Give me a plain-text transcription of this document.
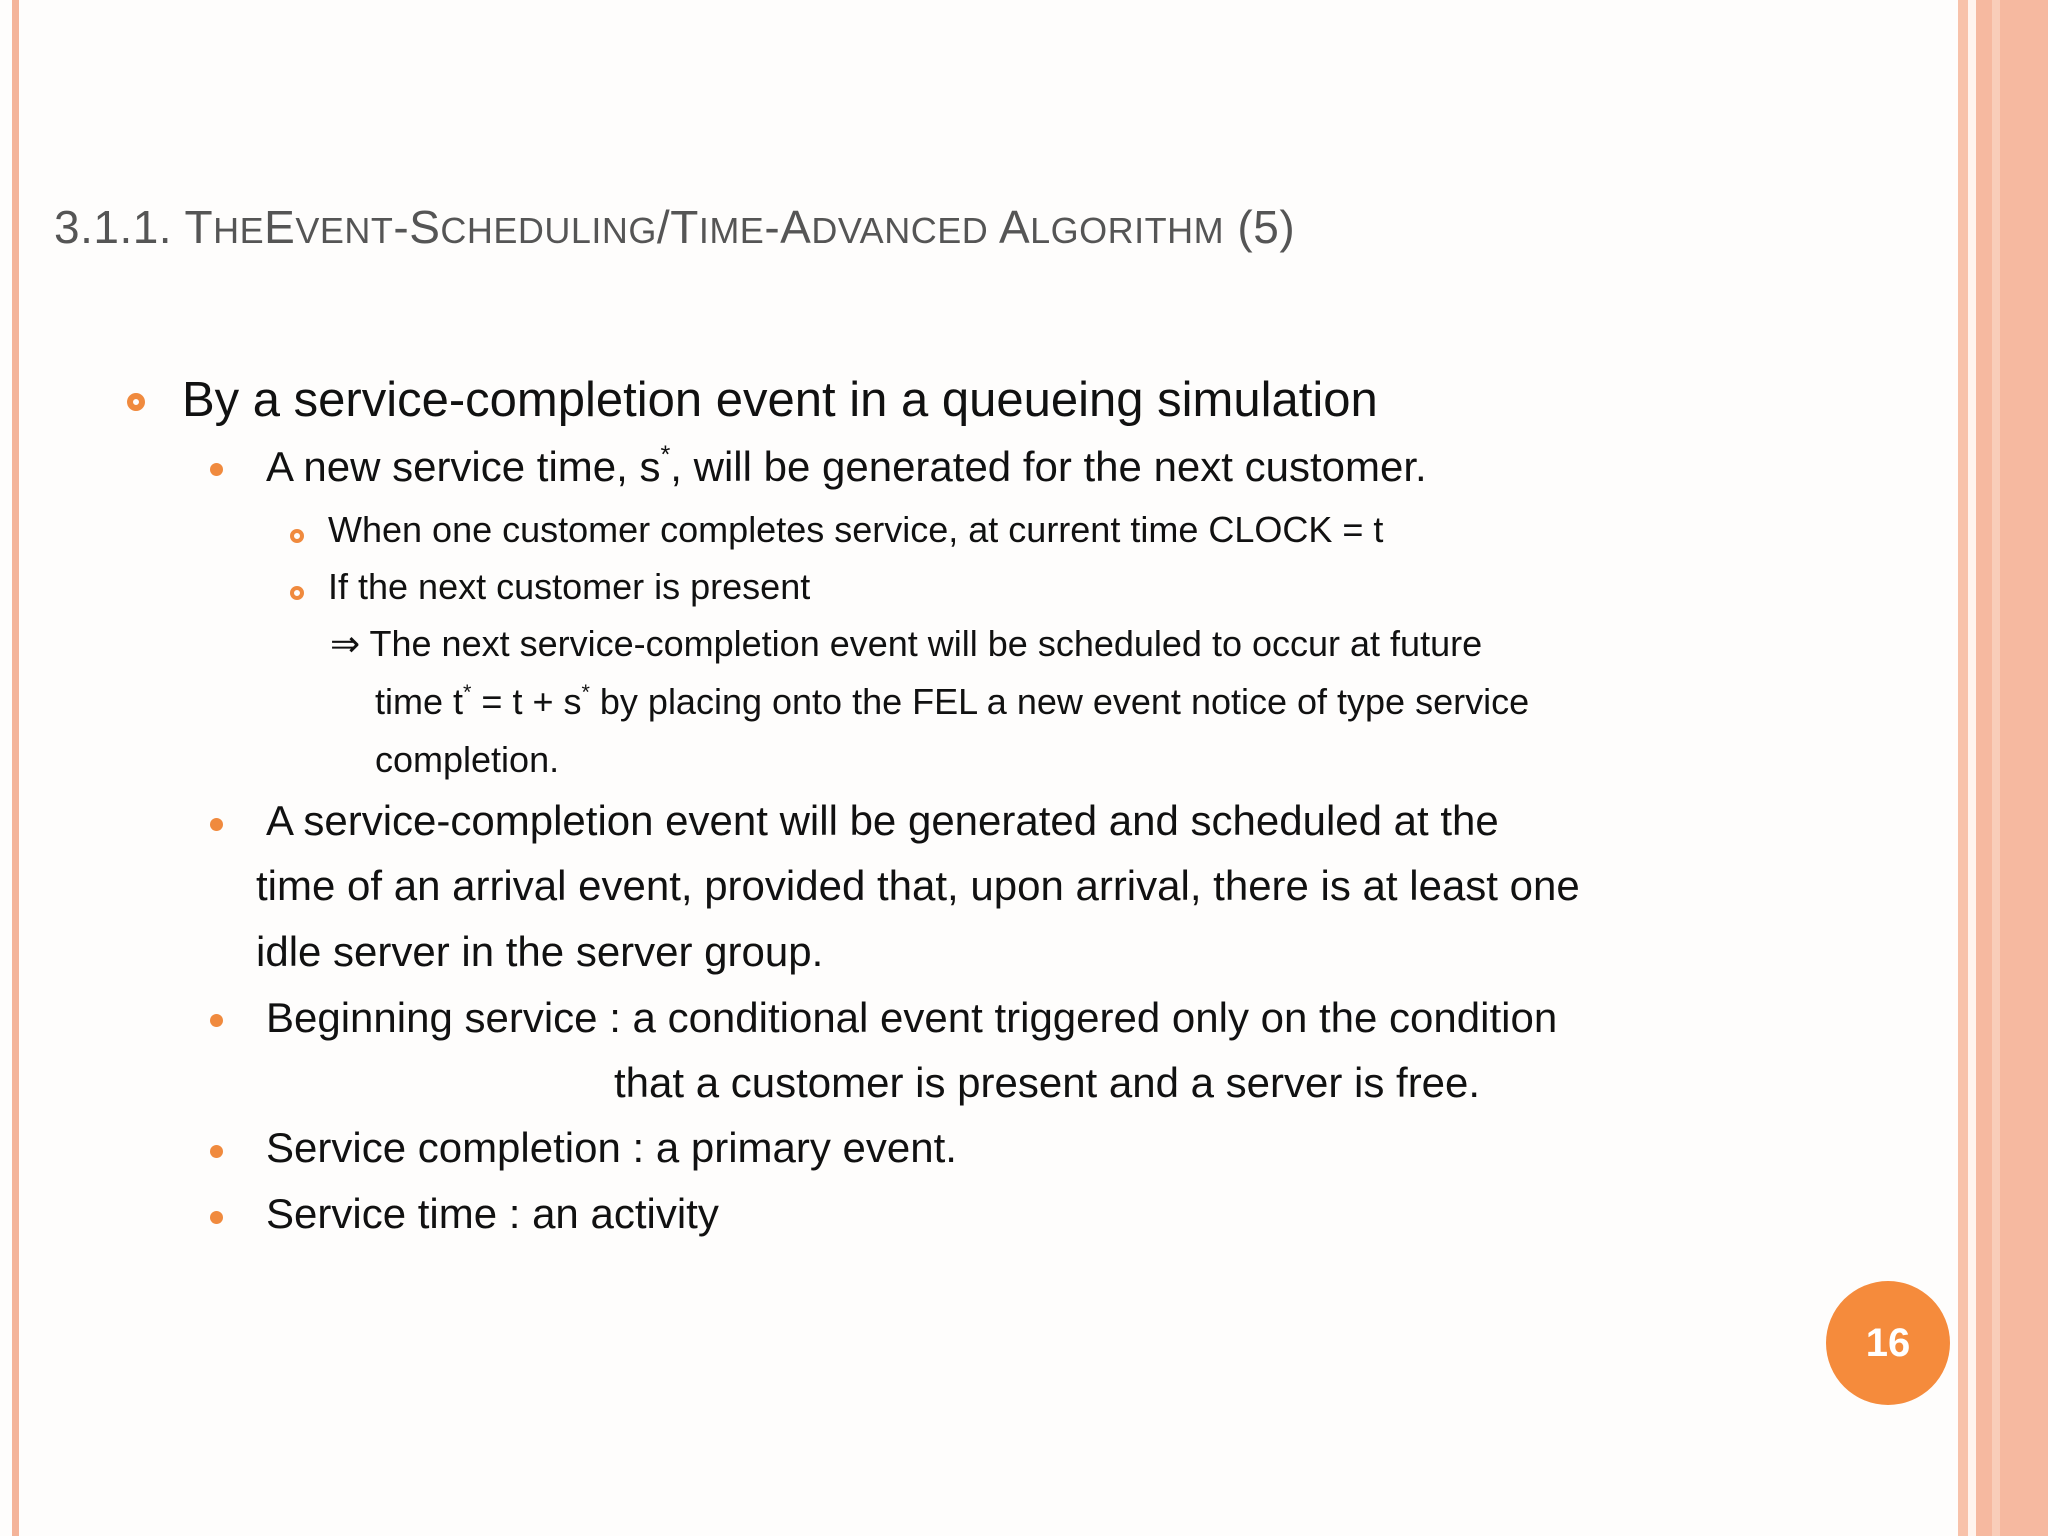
3.1.1. THEEVENT-SCHEDULING/TIME-ADVANCED ALGORITHM (5)
By a service-completion event in a queueing simulation
A new service time, s*, will be generated for the next customer.
When one customer completes service, at current time CLOCK = t
If the next customer is present
⇒ The next service-completion event will be scheduled to occur at future
time t* = t + s* by placing onto the FEL a new event notice of type service
completion.
A service-completion event will be generated and scheduled at the
time of an arrival event, provided that, upon arrival, there is at least one
idle server in the server group.
Beginning service : a conditional event triggered only on the condition
that a customer is present and a server is free.
Service completion : a primary event.
Service time : an activity
16
